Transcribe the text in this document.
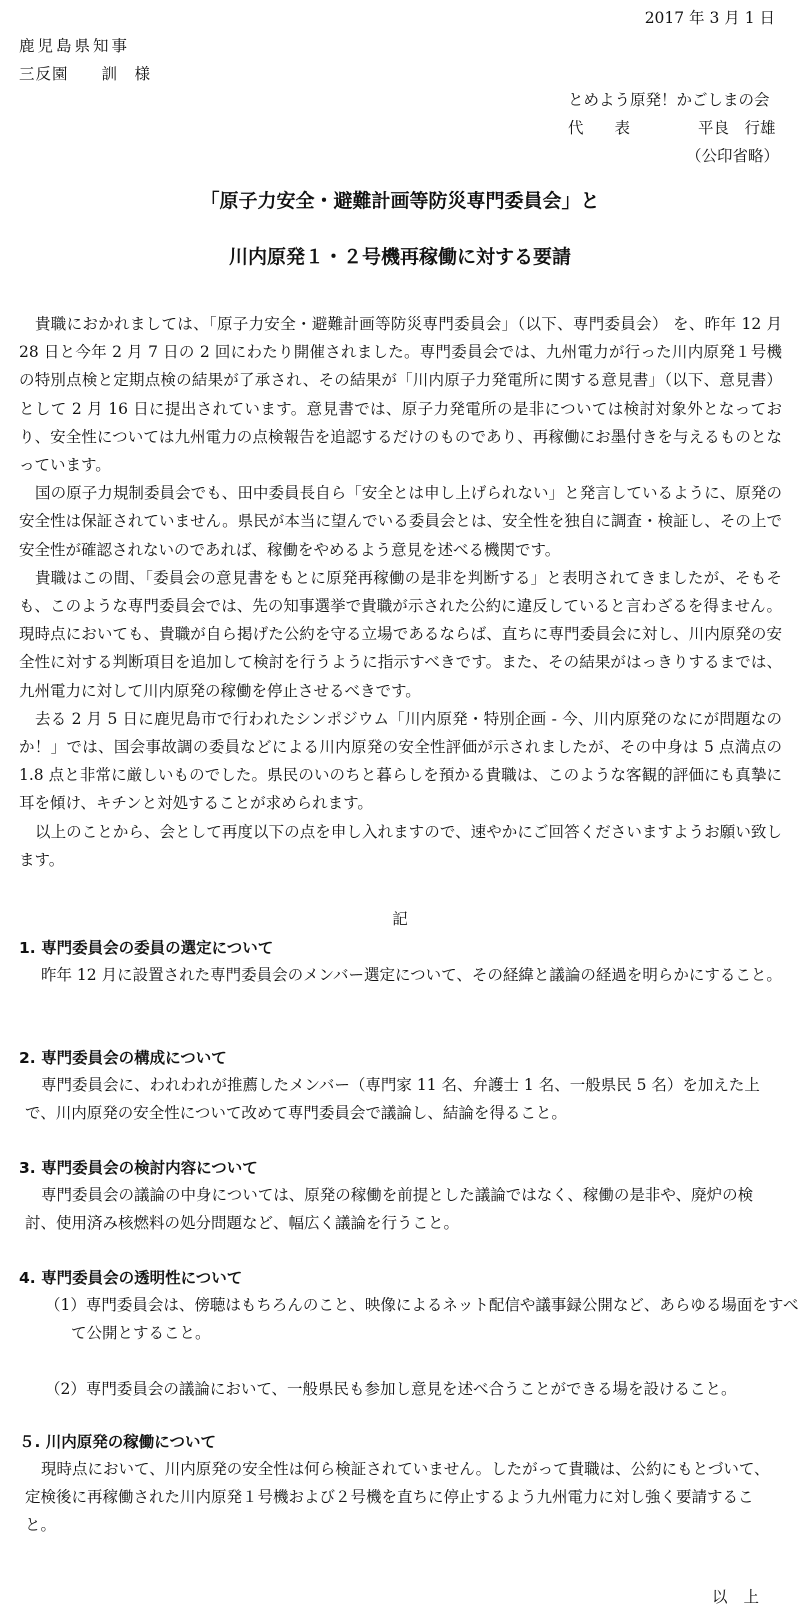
2017 年 3 月 1 日
鹿児島県知事
三反園　　訓　様
とめよう原発！かごしまの会
代　　表	平良　行雄
（公印省略）
「原子力安全・避難計画等防災専門委員会」と
川内原発１・２号機再稼働に対する要請

貴職におかれましては、「原子力安全・避難計画等防災専門委員会」（以下、専門委員会） を、昨年 12 月 28 日と今年 2 月 7 日の 2 回にわたり開催されました。専門委員会では、九州電力が行った川内原発１号機の特別点検と定期点検の結果が了承され、その結果が「川内原子力発電所に関する意見書」（以下、意見書）として 2 月 16 日に提出されています。意見書では、原子力発電所の是非については検討対象外となっており、安全性については九州電力の点検報告を追認するだけのものであり、再稼働にお墨付きを与えるものとなっています。

国の原子力規制委員会でも、田中委員長自ら「安全とは申し上げられない」と発言しているように、原発の安全性は保証されていません。県民が本当に望んでいる委員会とは、安全性を独自に調査・検証し、その上で安全性が確認されないのであれば、稼働をやめるよう意見を述べる機関です。

貴職はこの間、「委員会の意見書をもとに原発再稼働の是非を判断する」と表明されてきましたが、そもそも、このような専門委員会では、先の知事選挙で貴職が示された公約に違反していると言わざるを得ません。現時点においても、貴職が自ら掲げた公約を守る立場であるならば、直ちに専門委員会に対し、川内原発の安全性に対する判断項目を追加して検討を行うように指示すべきです。また、その結果がはっきりするまでは、九州電力に対して川内原発の稼働を停止させるべきです。

去る 2 月 5 日に鹿児島市で行われたシンポジウム「川内原発・特別企画 - 今、川内原発のなにが問題なのか！」では、国会事故調の委員などによる川内原発の安全性評価が示されましたが、その中身は 5 点満点の 1.8 点と非常に厳しいものでした。県民のいのちと暮らしを預かる貴職は、このような客観的評価にも真摯に耳を傾け、キチンと対処することが求められます。

以上のことから、会として再度以下の点を申し入れますので、速やかにご回答くださいますようお願い致します。

記
1. 専門委員会の委員の選定について

昨年 12 月に設置された専門委員会のメンバー選定について、その経緯と議論の経過を明らかにすること。

2. 専門委員会の構成について

専門委員会に、われわれが推薦したメンバー（専門家 11 名、弁護士 1 名、一般県民 5 名）を加えた上で、川内原発の安全性について改めて専門委員会で議論し、結論を得ること。

3. 専門委員会の検討内容について

専門委員会の議論の中身については、原発の稼働を前提とした議論ではなく、稼働の是非や、廃炉の検討、使用済み核燃料の処分問題など、幅広く議論を行うこと。

4. 専門委員会の透明性について

（1）専門委員会は、傍聴はもちろんのこと、映像によるネット配信や議事録公開など、あらゆる場面をすべて公開とすること。

（2）専門委員会の議論において、一般県民も参加し意見を述べ合うことができる場を設けること。

５. 川内原発の稼働について

現時点において、川内原発の安全性は何ら検証されていません。したがって貴職は、公約にもとづいて、定検後に再稼働された川内原発１号機および２号機を直ちに停止するよう九州電力に対し強く要請すること。

以上
